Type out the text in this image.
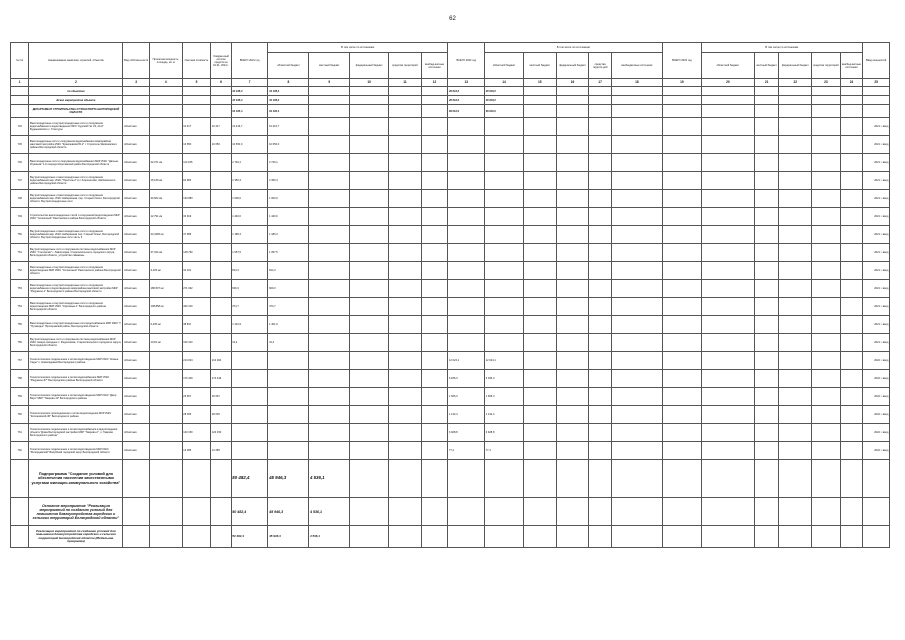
62
№ п/п	Наименование заказчика, отраслей, объектов	Вид собствен-ности	Проектная мощность, площадь, кв. м	Сметная стоимость	Ожидае-мый остаток средств на 01.01. 2021 г.	ВСЕГО 2021 год	В том числе по источникам:					ВСЕГО 2022 год	В том числе по источникам:					ВСЕГО 2023 год	В том числе по источникам:					Ввод мощностей
							областной бюджет	местный бюджет	федеральный бюджет	средства территорий	внебюд-жетные источники		областной бюджет	местный бюджет	федеральный бюджет	средства террито-рий	внебюджетные источники		областной бюджет	местный бюджет	федеральный бюджет	средства территорий	внебюд-жетные источники	
1	2	3	4	5	6	7	8	9	10	11	12	13	14	15	16	17	18	19	20	21	22	23	24	25
	по объектам					34 195,4	34 195,4					28 616,0	28 616,0											
	Всего мероприятия объекта					34 195,4	34 195,4					28 616,0	28 616,0											
	ДЕПАРТАМЕНТ СТРОИТЕЛЬСТВА И ТРАНСПОРТА БЕЛГОРОДСКОЙ ОБЛАСТИ					34 195,4	34 195,4					28 616,0	28 616,0											
734	Внеплощадочные и внутриплощадочные сети и сооружения водоснабжения и водоотведения ИЖС "Курский Гат 24, 24-й" Буденновского с. Глинтуры	областная		10 417	10 417	10 416,7	10 416,7																	2021 г. ввод
745	Внеплощадочные сети и сооружения водоснабжения микрорайона массовой застройки ИЖС "Кремлевский Б-2" г. Строитель Яковлевского района Белгородской области	областная		10 650	10 650	10 650,0	10 650,0																	2021 г. ввод
746	Внеплощадочные сети и сооружения водоснабжения МКР ИЖС "Дальне-Игуменка" 1-й очереди Корочанский район Белгородской области	областная	22,071 км	114 195		2 749,1	2 749,1																	2021 г. ввод
747	Внутриплощадочные и внеплощадочные сети и сооружения водоснабжения мкр. ИЖС "Престиж-2" в п.Хорошилово, Шебекинского района Белгородской области	областная	15,169 км	64 983		2 350,3	2 350,3																	2021 г. ввод
748	Внутриплощадочные и внеплощадочные сети и сооружения водоснабжения мкр. ИЖС Набережная, пер. Старый Оскол, Белгородской области, Внутриплощадочные сети	областная	30,602 км	130 883		1 000,0	1 000,0																	2021 г. ввод
749	Строительство внеплощадочных сетей и сооружений водоотведения МКР ИЖС "Солнечный" Ракитянского района Белгородской области	областная	12,791 км	33 919		1 440,0	1 440,0																	2021 г. ввод
750	Внутриплощадочные и внеплощадочные сети и сооружения водоснабжения мкр. ИЖС Набережная пер. Старый Оскол, Белгородской области, Внутриплощадочные сети часть 3	областная	23,4295 км	37 989		1 186,3	1 186,3																	2021 г. ввод
751	Внутриплощадочные сети и сооружения системы водоснабжения МКР ИЖС "Степлючки" г. Лавлиловка, Старооскольского городского округа, Белгородской области, устройство скважины	областная	27,324 км	148 790		1 057,5	1 057,5																	2021 г. ввод
752	Внеплощадочные и внутриплощадочные сети и сооружения водоотведения МКР ИЖС "Солнечный" Ракитянского района Белгородской области	областная	3,125 км	34 331		814,3	814,3																	2021 г. ввод
753	Внеплощадочные и внутриплощадочные сети и сооружения водоснабжения и водоотведения микрорайона массовой застройки МКР "Радужное-1" Белгородского района Белгородской области	областная	186,507 км	271 932		609,3	609,3																	2021 г. ввод
754	Внеплощадочные и внутриплощадочные сети и сооружения водоотведения МКР ИЖС "Ореховые-1" Белгородского района Белгородской области	областная	108,858 км	403 310		374,7	374,7																	2021 г. ввод
755	Внеплощадочные и внутриплощадочные сети водоснабжения МКР ИЖС "Г. "Луговодье" Прохоровский район, Белгородской области	областная	6,435 км	38 847		1 401,9	1 401,9																	2021 г. ввод
756	Внутриплощадочные сети и сооружения системы водоснабжения МКР ИЖС северо-западнее с. Федосеевка, Старооскольского городского округа, Белгородской области	областная	10,81 км	103 410		31,4	31,4																	2021 г. ввод
757	Технологическое подключение к сетям водоотведения МКР ИЖС "Новые Сады" п. Новосадовый Белгородского района	областная		214 004	214 004							12 024,1	12 024,1											2022 г. ввод
758	Технологическое подключение к сетям водоснабжения МКР ИЖС "Радужное-67" Белгородского района Белгородской области	областная		170 449	174 449							6 186,3	6 186,3											2022 г. ввод
759	Технологическое подключение к сетям водоотведения МКР ИЖС "Двор Верх" МКР "Таврово-10" Белгородского района	областная		26 667	26 667							1 665,3	1 665,3											2022 г. ввод
760	Технологическое присоединение к сетям водоотведения МКР ИЖС "Колоновский-30" Белгородского района	областная		28 035	28 035							1 132,4	1 132,4											2022 г. ввод
761	Технологическое подключение к сетям водоснабжения в водоотведения объекта "Дома Белгородской застройки МКР "Таврово-2", п. Таврово Белгородского района"	областная		120 150	120 150							6 928,8	6 928,8											2022 г. ввод
762	Технологическое подключение к сетям водоотведения МКР ИЖС "Репирцевский" Валуйский городской округ Белгородской области	областная		13 285	13 285							77,4	77,4											2022 г. ввод
	Подпрограмма "Создание условий для обеспечения населения качественными услугами жилищно-коммунального хозяйства"					50 482,4	45 946,3	4 536,1																
	Основное мероприятие "Реализация мероприятий по созданию условий для повышения благоустройства городских и сельских территорий Белгородской области"					50 482,4	45 946,3	4 536,1																
	Реализация мероприятий по созданию условий для повышения благоустройства городских и сельских территорий Белгородской области (Модельная программа)					50 482,4	45 946,3	4 536,1																
